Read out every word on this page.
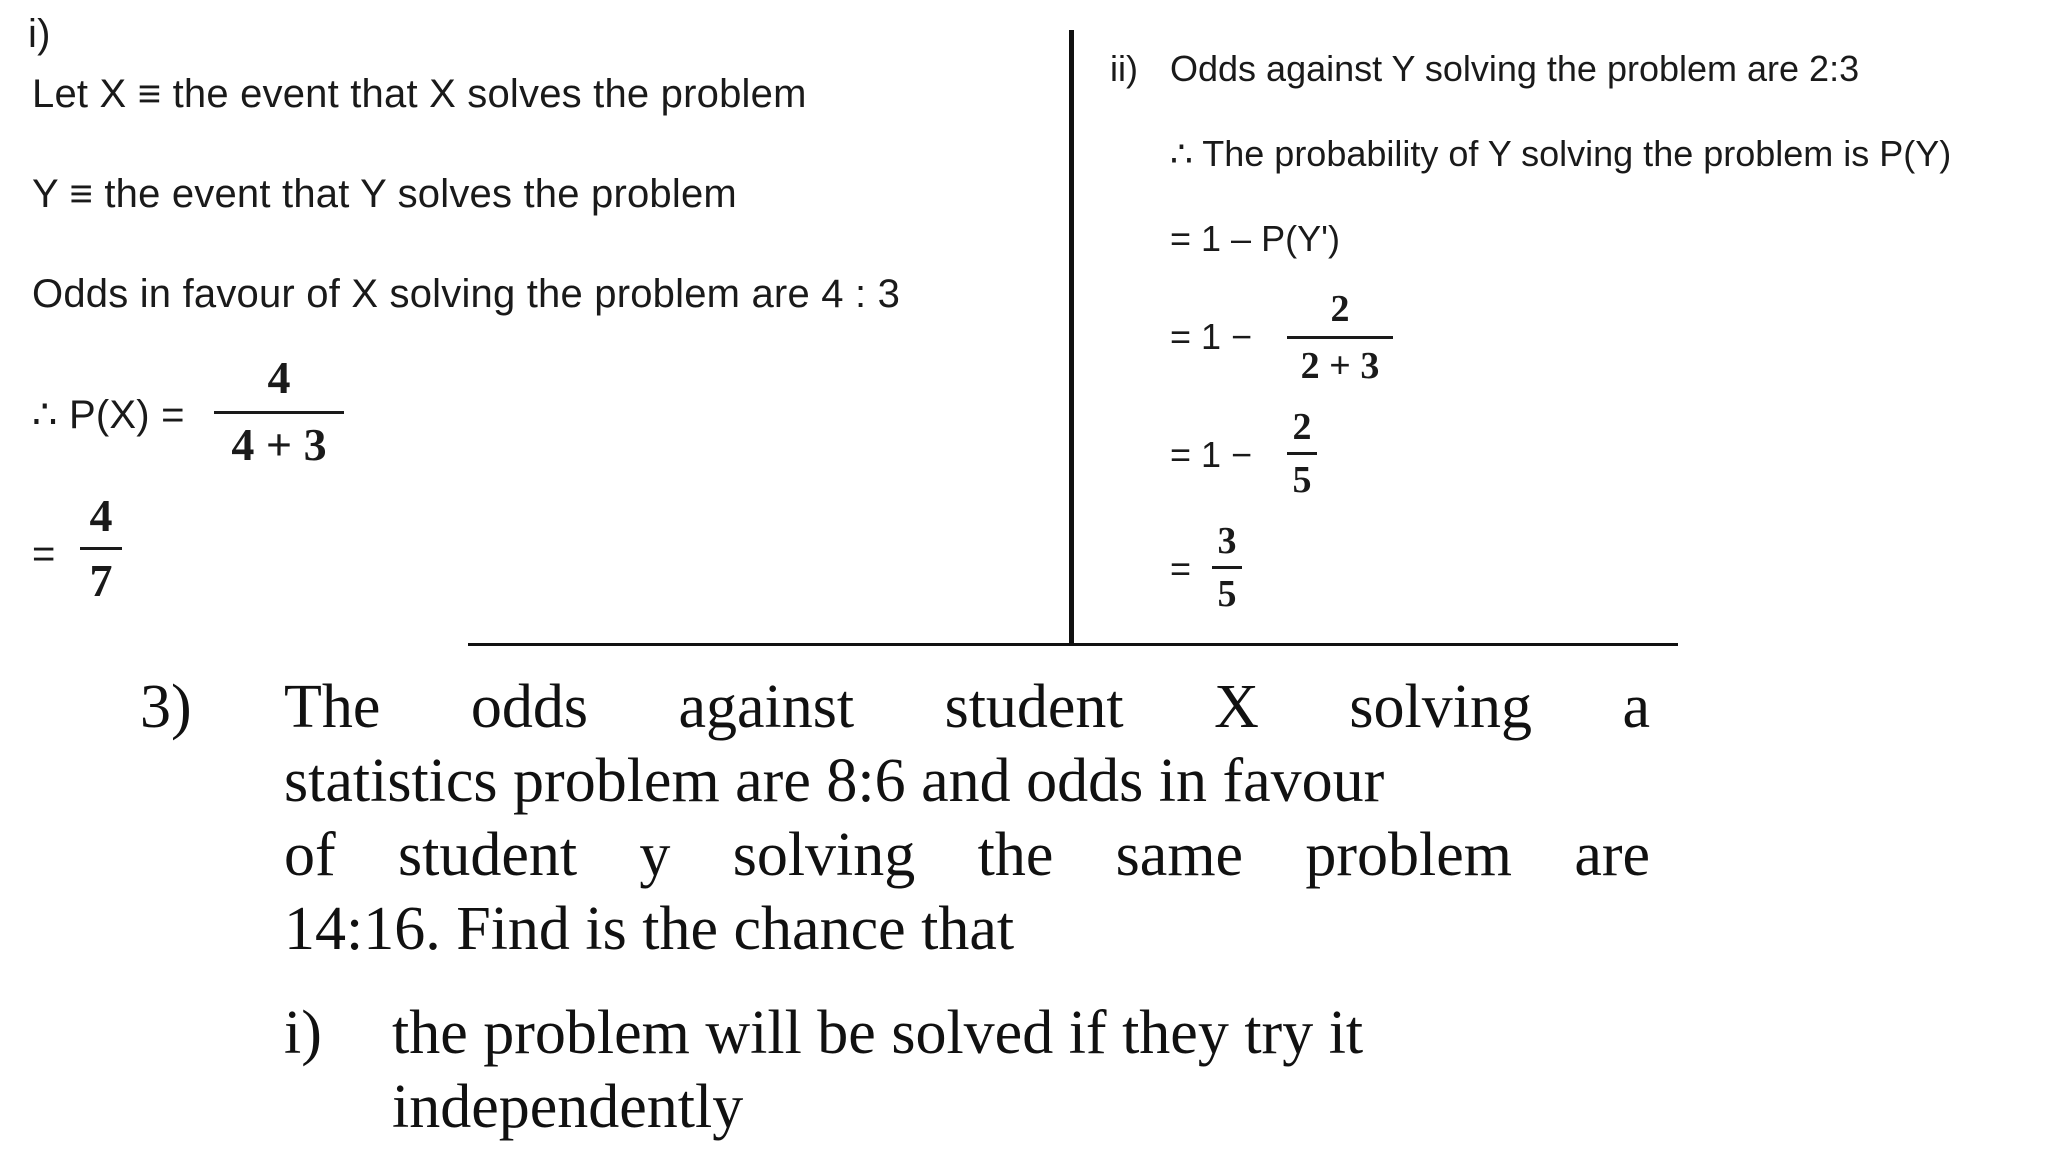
i)
Let X ≡ the event that X solves the problem
Y ≡ the event that Y solves the problem
Odds in favour of X solving the problem are 4 : 3
∴ P(X) =
4
4 + 3
=
4
7
ii) Odds against Y solving the problem are 2:3
∴ The probability of Y solving the problem is P(Y)
= 1 – P(Y')
= 1 −
2
2 + 3
= 1 −
2
5
=
3
5
3) The odds against student X solving a
statistics problem are 8:6 and odds in favour
of student y solving the same problem are
14:16. Find is the chance that
i) the problem will be solved if they try it
independently
